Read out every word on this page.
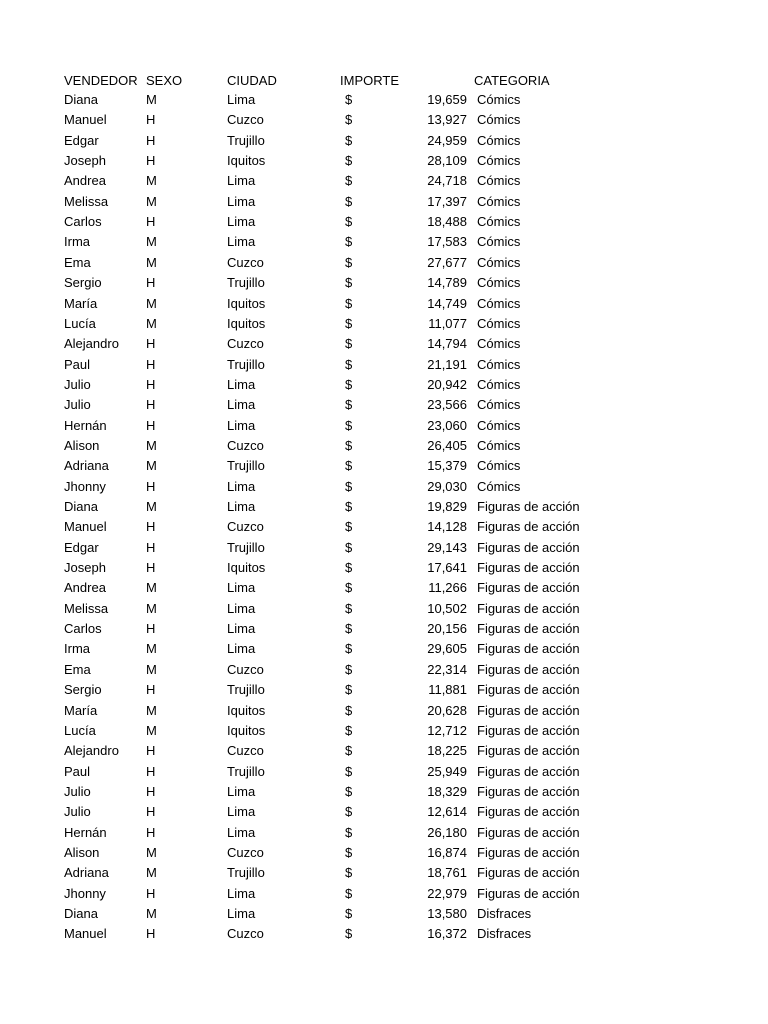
VENDEDOR SEXO	CIUDAD	IMPORTE	CATEGORIA
Diana	M	Lima	$	19,659 Cómics
Manuel	H	Cuzco	$	13,927 Cómics
Edgar	H	Trujillo	$	24,959 Cómics
Joseph	H	Iquitos	$	28,109 Cómics
Andrea	M	Lima	$	24,718 Cómics
Melissa	M	Lima	$	17,397 Cómics
Carlos	H	Lima	$	18,488 Cómics
Irma	M	Lima	$	17,583 Cómics
Ema	M	Cuzco	$	27,677 Cómics
Sergio	H	Trujillo	$	14,789 Cómics
María	M	Iquitos	$	14,749 Cómics
Lucía	M	Iquitos	$	11,077 Cómics
Alejandro H	Cuzco	$	14,794 Cómics
Paul	H	Trujillo	$	21,191 Cómics
Julio	H	Lima	$	20,942 Cómics
Julio	H	Lima	$	23,566 Cómics
Hernán	H	Lima	$	23,060 Cómics
Alison	M	Cuzco	$	26,405 Cómics
Adriana	M	Trujillo	$	15,379 Cómics
Jhonny	H	Lima	$	29,030 Cómics
Diana	M	Lima	$	19,829 Figuras de acción
Manuel	H	Cuzco	$	14,128 Figuras de acción
Edgar	H	Trujillo	$	29,143 Figuras de acción
Joseph	H	Iquitos	$	17,641 Figuras de acción
Andrea	M	Lima	$	11,266 Figuras de acción
Melissa	M	Lima	$	10,502 Figuras de acción
Carlos	H	Lima	$	20,156 Figuras de acción
Irma	M	Lima	$	29,605 Figuras de acción
Ema	M	Cuzco	$	22,314 Figuras de acción
Sergio	H	Trujillo	$	11,881 Figuras de acción
María	M	Iquitos	$	20,628 Figuras de acción
Lucía	M	Iquitos	$	12,712 Figuras de acción
Alejandro H	Cuzco	$	18,225 Figuras de acción
Paul	H	Trujillo	$	25,949 Figuras de acción
Julio	H	Lima	$	18,329 Figuras de acción
Julio	H	Lima	$	12,614 Figuras de acción
Hernán	H	Lima	$	26,180 Figuras de acción
Alison	M	Cuzco	$	16,874 Figuras de acción
Adriana	M	Trujillo	$	18,761 Figuras de acción
Jhonny	H	Lima	$	22,979 Figuras de acción
Diana	M	Lima	$	13,580 Disfraces
Manuel	H	Cuzco	$	16,372 Disfraces
